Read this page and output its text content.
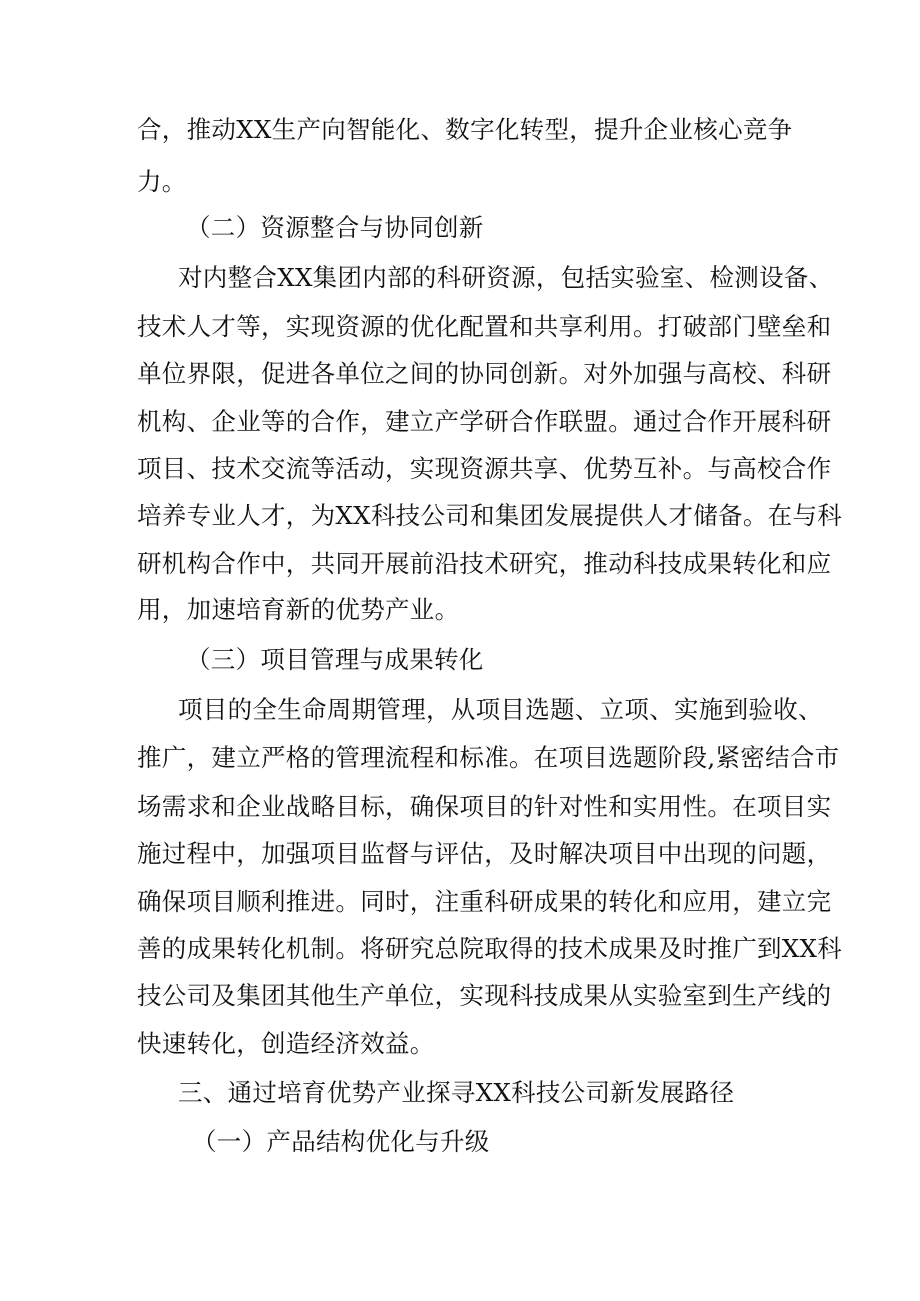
合，推动XX生产向智能化、数字化转型，提升企业核心竞争
力。
（二）资源整合与协同创新
对内整合XX集团内部的科研资源，包括实验室、检测设备、
技术人才等，实现资源的优化配置和共享利用。打破部门壁垒和
单位界限，促进各单位之间的协同创新。对外加强与高校、科研
机构、企业等的合作，建立产学研合作联盟。通过合作开展科研
项目、技术交流等活动，实现资源共享、优势互补。与高校合作
培养专业人才，为XX科技公司和集团发展提供人才储备。在与科
研机构合作中，共同开展前沿技术研究，推动科技成果转化和应
用，加速培育新的优势产业。
（三）项目管理与成果转化
项目的全生命周期管理，从项目选题、立项、实施到验收、
推广，建立严格的管理流程和标准。在项目选题阶段,紧密结合市
场需求和企业战略目标，确保项目的针对性和实用性。在项目实
施过程中，加强项目监督与评估，及时解决项目中出现的问题，
确保项目顺利推进。同时，注重科研成果的转化和应用，建立完
善的成果转化机制。将研究总院取得的技术成果及时推广到XX科
技公司及集团其他生产单位，实现科技成果从实验室到生产线的
快速转化，创造经济效益。
三、通过培育优势产业探寻XX科技公司新发展路径
（一）产品结构优化与升级
